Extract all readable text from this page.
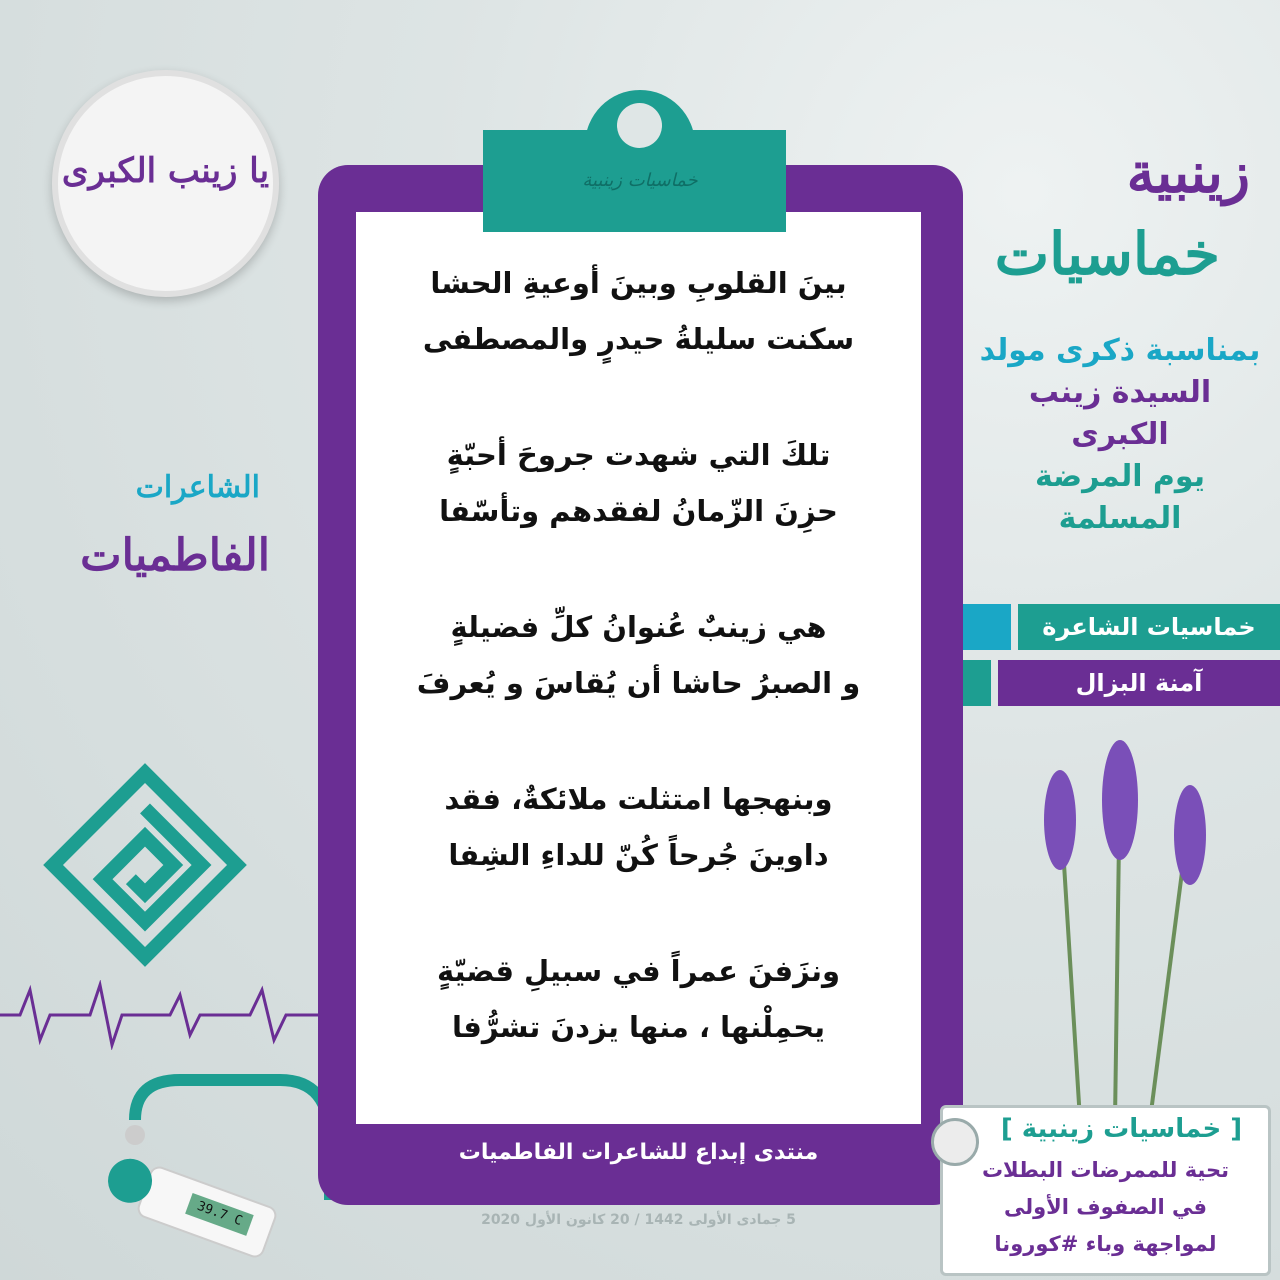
يا زينب الكبرى
الشاعرات
الفاطميات
39.7 C
خماسيات زينبية
بينَ القلوبِ وبينَ أوعيةِ الحشا
سكنت سليلةُ حيدرٍ والمصطفى
تلكَ التي شهدت جروحَ أحبّةٍ
حزِنَ الزّمانُ لفقدهم وتأسّفا
هي زينبٌ عُنوانُ كلِّ فضيلةٍ
و الصبرُ حاشا أن يُقاسَ و يُعرفَ
وبنهجها امتثلت ملائكةٌ، فقد
داوينَ جُرحاً كُنّ للداءِ الشِفا
ونزَفنَ عمراً في سبيلِ قضيّةٍ
يحمِلْنها ، منها يزدنَ تشرُّفا
منتدى إبداع للشاعرات الفاطميات
5 جمادى الأولى 1442 / 20 كانون الأول 2020
زينبية
خماسيات
بمناسبة ذكرى مولد
السيدة زينب الكبرى
يوم المرضة المسلمة
خماسيات الشاعرة
آمنة البزال
[ خماسيات زينبية ]
تحية للممرضات البطلات
في الصفوف الأولى
لمواجهة وباء #كورونا
